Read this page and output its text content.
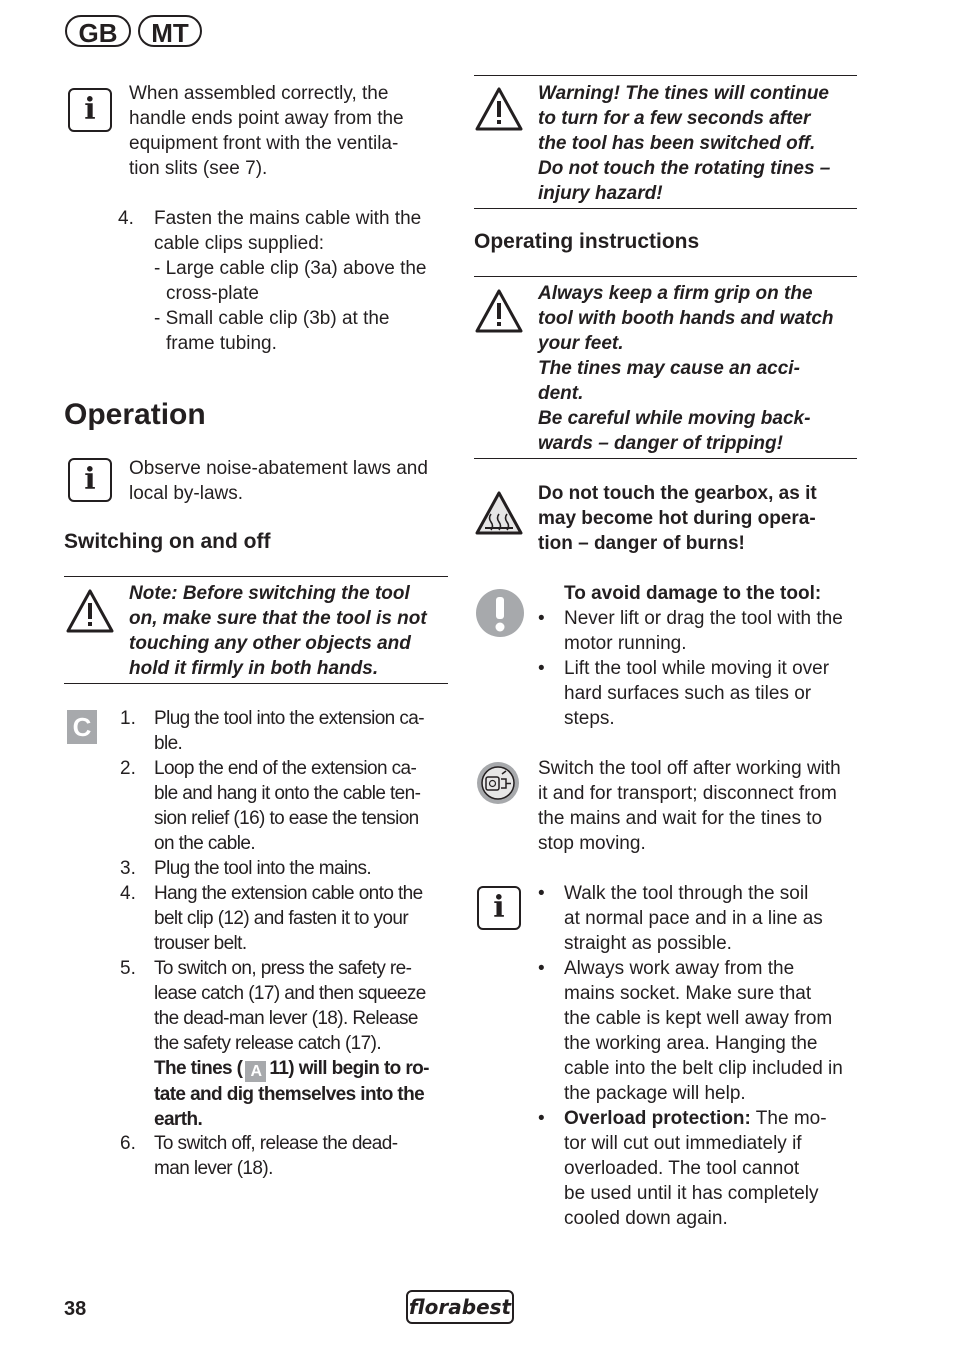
GB	MT
i	When assembled correctly, the
handle ends point away from the
equipment front with the ventila-
tion slits (see 7).
4.	Fasten the mains cable with the
cable clips supplied:
- Large cable clip (3a) above the
cross-plate
- Small cable clip (3b) at the
frame tubing.
Operation
i	Observe noise-abatement laws and
local by-laws.
Switching on and off
Note: Before switching the tool
on, make sure that the tool is not
touching any other objects and
hold it firmly in both hands.
C 1. Plug the tool into the extension ca-
ble.
2. Loop the end of the extension ca-
ble and hang it onto the cable ten-
sion relief (16) to ease the tension
on the cable.
3. Plug the tool into the mains.
4. Hang the extension cable onto the
belt clip (12) and fasten it to your
trouser belt.
5. To switch on, press the safety re-
lease catch (17) and then squeeze
the dead-man lever (18). Release
the safety release catch (17).
The tines ( A 11) will begin to ro-
tate and dig themselves into the
earth.
6. To switch off, release the dead-
man lever (18).
Warning! The tines will continue
to turn for a few seconds after
the tool has been switched off.
Do not touch the rotating tines –
injury hazard!
Operating instructions
Always keep a firm grip on the
tool with booth hands and watch
your feet.
The tines may cause an acci-
dent.
Be careful while moving back-
wards – danger of tripping!
Do not touch the gearbox, as it
may become hot during opera-
tion – danger of burns!
To avoid damage to the tool:
•	Never lift or drag the tool with the
motor running.
•	Lift the tool while moving it over
hard surfaces such as tiles or
steps.
Switch the tool off after working with
it and for transport; disconnect from
the mains and wait for the tines to
stop moving.
i	•	Walk the tool through the soil
at normal pace and in a line as
straight as possible.
•	Always work away from the
mains socket. Make sure that
the cable is kept well away from
the working area. Hanging the
cable into the belt clip included in
the package will help.
•	Overload protection: The mo-
tor will cut out immediately if
overloaded. The tool cannot
be used until it has completely
cooled down again.
38	florabest
